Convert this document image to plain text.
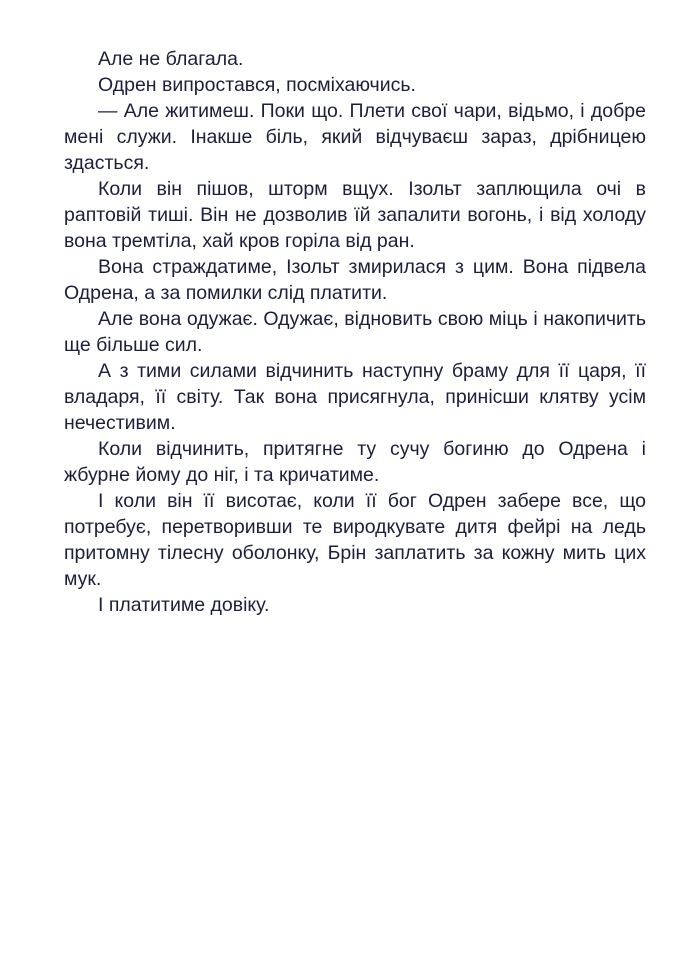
Але не благала.

Одрен випростався, посміхаючись.

— Але житимеш. Поки що. Плети свої чари, відьмо, і добре мені служи. Інакше біль, який відчуваєш зараз, дрібницею здасться.

Коли він пішов, шторм вщух. Ізольт заплющила очі в раптовій тиші. Він не дозволив їй запалити вогонь, і від холоду вона тремтіла, хай кров горіла від ран.

Вона страждатиме, Ізольт змирилася з цим. Вона підвела Одрена, а за помилки слід платити.

Але вона одужає. Одужає, відновить свою міць і накопичить ще більше сил.

А з тими силами відчинить наступну браму для її царя, її владаря, її світу. Так вона присягнула, принісши клятву усім нечестивим.

Коли відчинить, притягне ту сучу богиню до Одрена і жбурне йому до ніг, і та кричатиме.

І коли він її висотає, коли її бог Одрен забере все, що потребує, перетворивши те виродкувате дитя фейрі на ледь притомну тілесну оболонку, Брін заплатить за кожну мить цих мук.

І платитиме довіку.
